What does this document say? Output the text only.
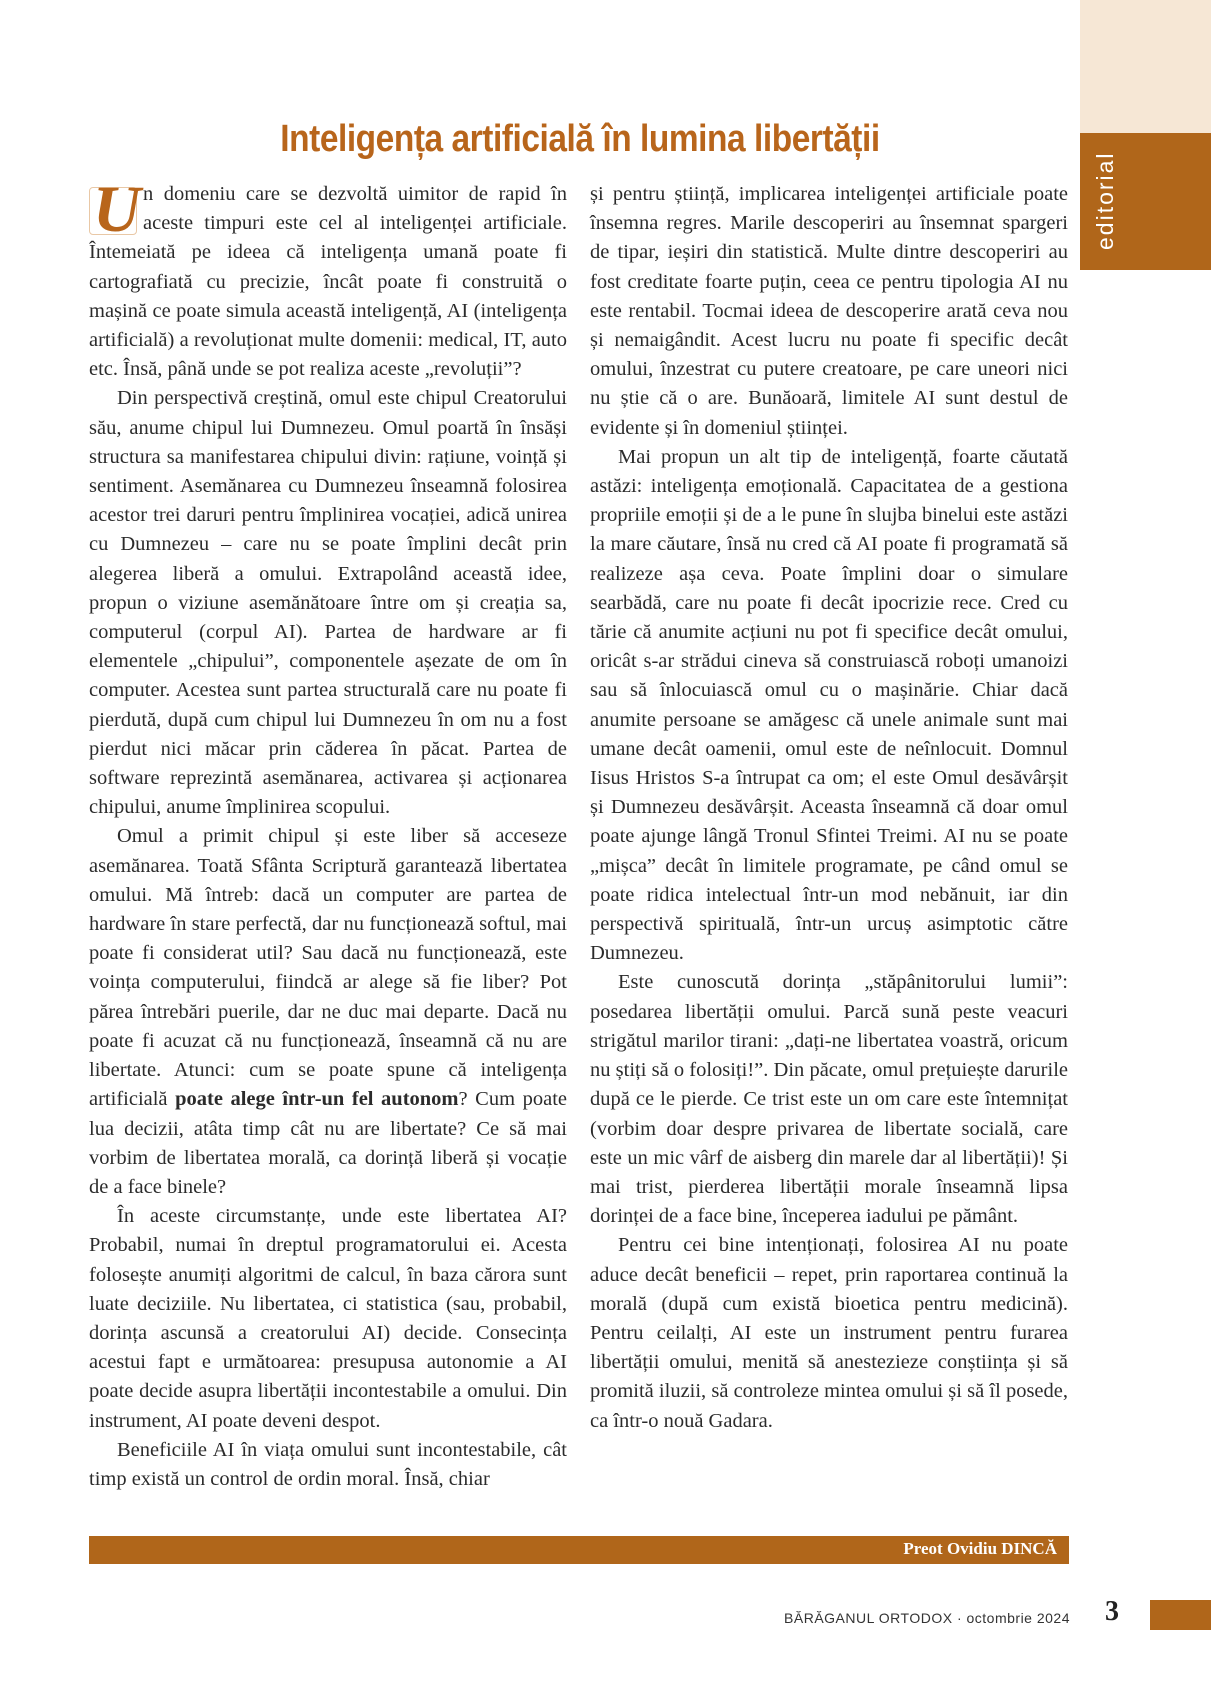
editorial
Inteligența artificială în lumina libertății

U n domeniu care se dezvoltă uimitor de rapid în aceste timpuri este cel al inteligenței artificiale. Întemeiată pe ideea că inteligența umană poate fi cartografiată cu precizie, încât poate fi construită o mașină ce poate simula această inteligență, AI (inteligența artificială) a revoluționat multe domenii: medical, IT, auto etc. Însă, până unde se pot realiza aceste „revoluții”?

Din perspectivă creștină, omul este chipul Creatorului său, anume chipul lui Dumnezeu. Omul poartă în însăși structura sa manifestarea chipului divin: rațiune, voință și sentiment. Asemănarea cu Dumnezeu înseamnă folosirea acestor trei daruri pentru împlinirea vocației, adică unirea cu Dumnezeu – care nu se poate împlini decât prin alegerea liberă a omului. Extrapolând această idee, propun o viziune asemănătoare între om și creația sa, computerul (corpul AI). Partea de hardware ar fi elementele „chipului”, componentele așezate de om în computer. Acestea sunt partea structurală care nu poate fi pierdută, după cum chipul lui Dumnezeu în om nu a fost pierdut nici măcar prin căderea în păcat. Partea de software reprezintă asemănarea, activarea și acționarea chipului, anume împlinirea scopului.

Omul a primit chipul și este liber să acceseze asemănarea. Toată Sfânta Scriptură garantează libertatea omului. Mă întreb: dacă un computer are partea de hardware în stare perfectă, dar nu funcționează softul, mai poate fi considerat util? Sau dacă nu funcționează, este voința computerului, fiindcă ar alege să fie liber? Pot părea întrebări puerile, dar ne duc mai departe. Dacă nu poate fi acuzat că nu funcționează, înseamnă că nu are libertate. Atunci: cum se poate spune că inteligența artificială poate alege într-un fel autonom? Cum poate lua decizii, atâta timp cât nu are libertate? Ce să mai vorbim de libertatea morală, ca dorință liberă și vocație de a face binele?

În aceste circumstanțe, unde este libertatea AI? Probabil, numai în dreptul programatorului ei. Acesta folosește anumiți algoritmi de calcul, în baza cărora sunt luate deciziile. Nu libertatea, ci statistica (sau, probabil, dorința ascunsă a creatorului AI) decide. Consecința acestui fapt e următoarea: presupusa autonomie a AI poate decide asupra libertății incontestabile a omului. Din instrument, AI poate deveni despot.

Beneficiile AI în viața omului sunt incontestabile, cât timp există un control de ordin moral. Însă, chiar

și pentru știință, implicarea inteligenței artificiale poate însemna regres. Marile descoperiri au însemnat spargeri de tipar, ieșiri din statistică. Multe dintre descoperiri au fost creditate foarte puțin, ceea ce pentru tipologia AI nu este rentabil. Tocmai ideea de descoperire arată ceva nou și nemaigândit. Acest lucru nu poate fi specific decât omului, înzestrat cu putere creatoare, pe care uneori nici nu știe că o are. Bunăoară, limitele AI sunt destul de evidente și în domeniul științei.

Mai propun un alt tip de inteligență, foarte căutată astăzi: inteligența emoțională. Capacitatea de a gestiona propriile emoții și de a le pune în slujba binelui este astăzi la mare căutare, însă nu cred că AI poate fi programată să realizeze așa ceva. Poate împlini doar o simulare searbădă, care nu poate fi decât ipocrizie rece. Cred cu tărie că anumite acțiuni nu pot fi specifice decât omului, oricât s-ar strădui cineva să construiască roboți umanoizi sau să înlocuiască omul cu o mașinărie. Chiar dacă anumite persoane se amăgesc că unele animale sunt mai umane decât oamenii, omul este de neînlocuit. Domnul Iisus Hristos S-a întrupat ca om; el este Omul desăvârșit și Dumnezeu desăvârșit. Aceasta înseamnă că doar omul poate ajunge lângă Tronul Sfintei Treimi. AI nu se poate „mișca” decât în limitele programate, pe când omul se poate ridica intelectual într-un mod nebănuit, iar din perspectivă spirituală, într-un urcuș asimptotic către Dumnezeu.

Este cunoscută dorința „stăpânitorului lumii”: posedarea libertății omului. Parcă sună peste veacuri strigătul marilor tirani: „dați-ne libertatea voastră, oricum nu știți să o folosiți!”. Din păcate, omul prețuiește darurile după ce le pierde. Ce trist este un om care este întemnițat (vorbim doar despre privarea de libertate socială, care este un mic vârf de aisberg din marele dar al libertății)! Și mai trist, pierderea libertății morale înseamnă lipsa dorinței de a face bine, începerea iadului pe pământ.

Pentru cei bine intenționați, folosirea AI nu poate aduce decât beneficii – repet, prin raportarea continuă la morală (după cum există bioetica pentru medicină). Pentru ceilalți, AI este un instrument pentru furarea libertății omului, menită să anestezieze conștiința și să promită iluzii, să controleze mintea omului și să îl posede, ca într-o nouă Gadara.

Preot Ovidiu DINCĂ
BĂRĂGANUL ORTODOX · octombrie 2024 3
